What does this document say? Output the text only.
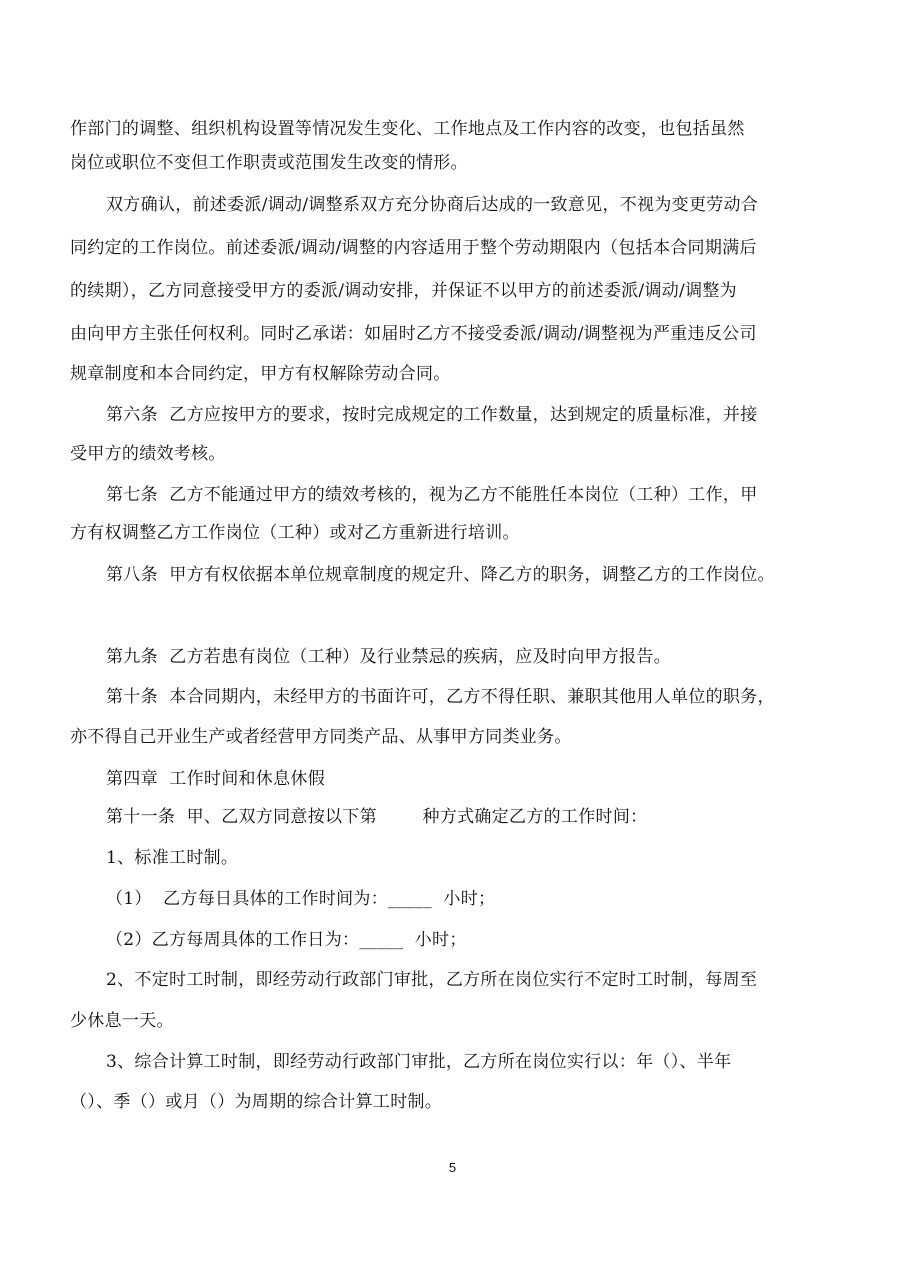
作部门的调整、组织机构设置等情况发生变化、工作地点及工作内容的改变，也包括虽然
岗位或职位不变但工作职责或范围发生改变的情形。
双方确认，前述委派/调动/调整系双方充分协商后达成的一致意见，不视为变更劳动合
同约定的工作岗位。前述委派/调动/调整的内容适用于整个劳动期限内（包括本合同期满后
的续期），乙方同意接受甲方的委派/调动安排，并保证不以甲方的前述委派/调动/调整为
由向甲方主张任何权利。同时乙承诺：如届时乙方不接受委派/调动/调整视为严重违反公司
规章制度和本合同约定，甲方有权解除劳动合同。
第六条  乙方应按甲方的要求，按时完成规定的工作数量，达到规定的质量标准，并接
受甲方的绩效考核。
第七条  乙方不能通过甲方的绩效考核的，视为乙方不能胜任本岗位（工种）工作，甲
方有权调整乙方工作岗位（工种）或对乙方重新进行培训。
第八条  甲方有权依据本单位规章制度的规定升、降乙方的职务，调整乙方的工作岗位。
第九条  乙方若患有岗位（工种）及行业禁忌的疾病，应及时向甲方报告。
第十条  本合同期内，未经甲方的书面许可，乙方不得任职、兼职其他用人单位的职务，
亦不得自己开业生产或者经营甲方同类产品、从事甲方同类业务。
第四章  工作时间和休息休假
第十一条  甲、乙双方同意按以下第        种方式确定乙方的工作时间：
1、标准工时制。
（1）  乙方每日具体的工作时间为：_____  小时；
（2）乙方每周具体的工作日为：_____  小时；
2、不定时工时制，即经劳动行政部门审批，乙方所在岗位实行不定时工时制，每周至
少休息一天。
3、综合计算工时制，即经劳动行政部门审批，乙方所在岗位实行以：年（）、半年
（）、季（）或月（）为周期的综合计算工时制。
5
